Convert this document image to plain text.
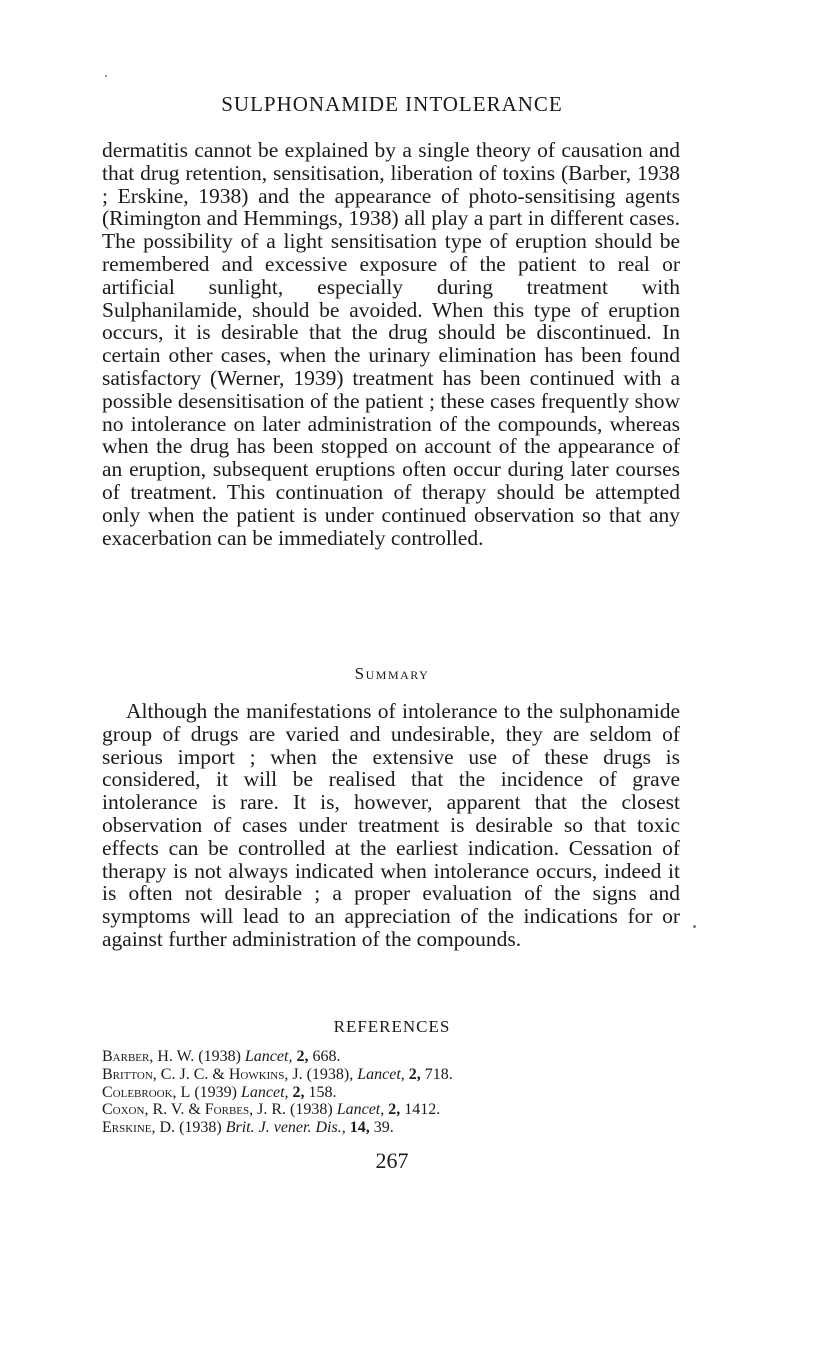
SULPHONAMIDE INTOLERANCE

dermatitis cannot be explained by a single theory of causation and that drug retention, sensitisation, liberation of toxins (Barber, 1938 ; Erskine, 1938) and the appearance of photo-sensitising agents (Rimington and Hemmings, 1938) all play a part in different cases. The possibility of a light sensitisation type of eruption should be remembered and excessive exposure of the patient to real or artificial sunlight, especially during treatment with Sulphanilamide, should be avoided. When this type of eruption occurs, it is desirable that the drug should be discontinued. In certain other cases, when the urinary elimination has been found satisfactory (Werner, 1939) treatment has been continued with a possible desensitisation of the patient ; these cases frequently show no intolerance on later administration of the compounds, whereas when the drug has been stopped on account of the appearance of an eruption, subsequent eruptions often occur during later courses of treatment. This continuation of therapy should be attempted only when the patient is under continued observation so that any exacerbation can be immediately controlled.

Summary

Although the manifestations of intolerance to the sulphonamide group of drugs are varied and undesirable, they are seldom of serious import ; when the extensive use of these drugs is considered, it will be realised that the incidence of grave intolerance is rare. It is, however, apparent that the closest observation of cases under treatment is desirable so that toxic effects can be controlled at the earliest indication. Cessation of therapy is not always indicated when intolerance occurs, indeed it is often not desirable ; a proper evaluation of the signs and symptoms will lead to an appreciation of the indications for or against further administration of the compounds.

REFERENCES
Barber, H. W. (1938) Lancet, 2, 668.
Britton, C. J. C. & Howkins, J. (1938), Lancet, 2, 718.
Colebrook, L (1939) Lancet, 2, 158.
Coxon, R. V. & Forbes, J. R. (1938) Lancet, 2, 1412.
Erskine, D. (1938) Brit. J. vener. Dis., 14, 39.
267
